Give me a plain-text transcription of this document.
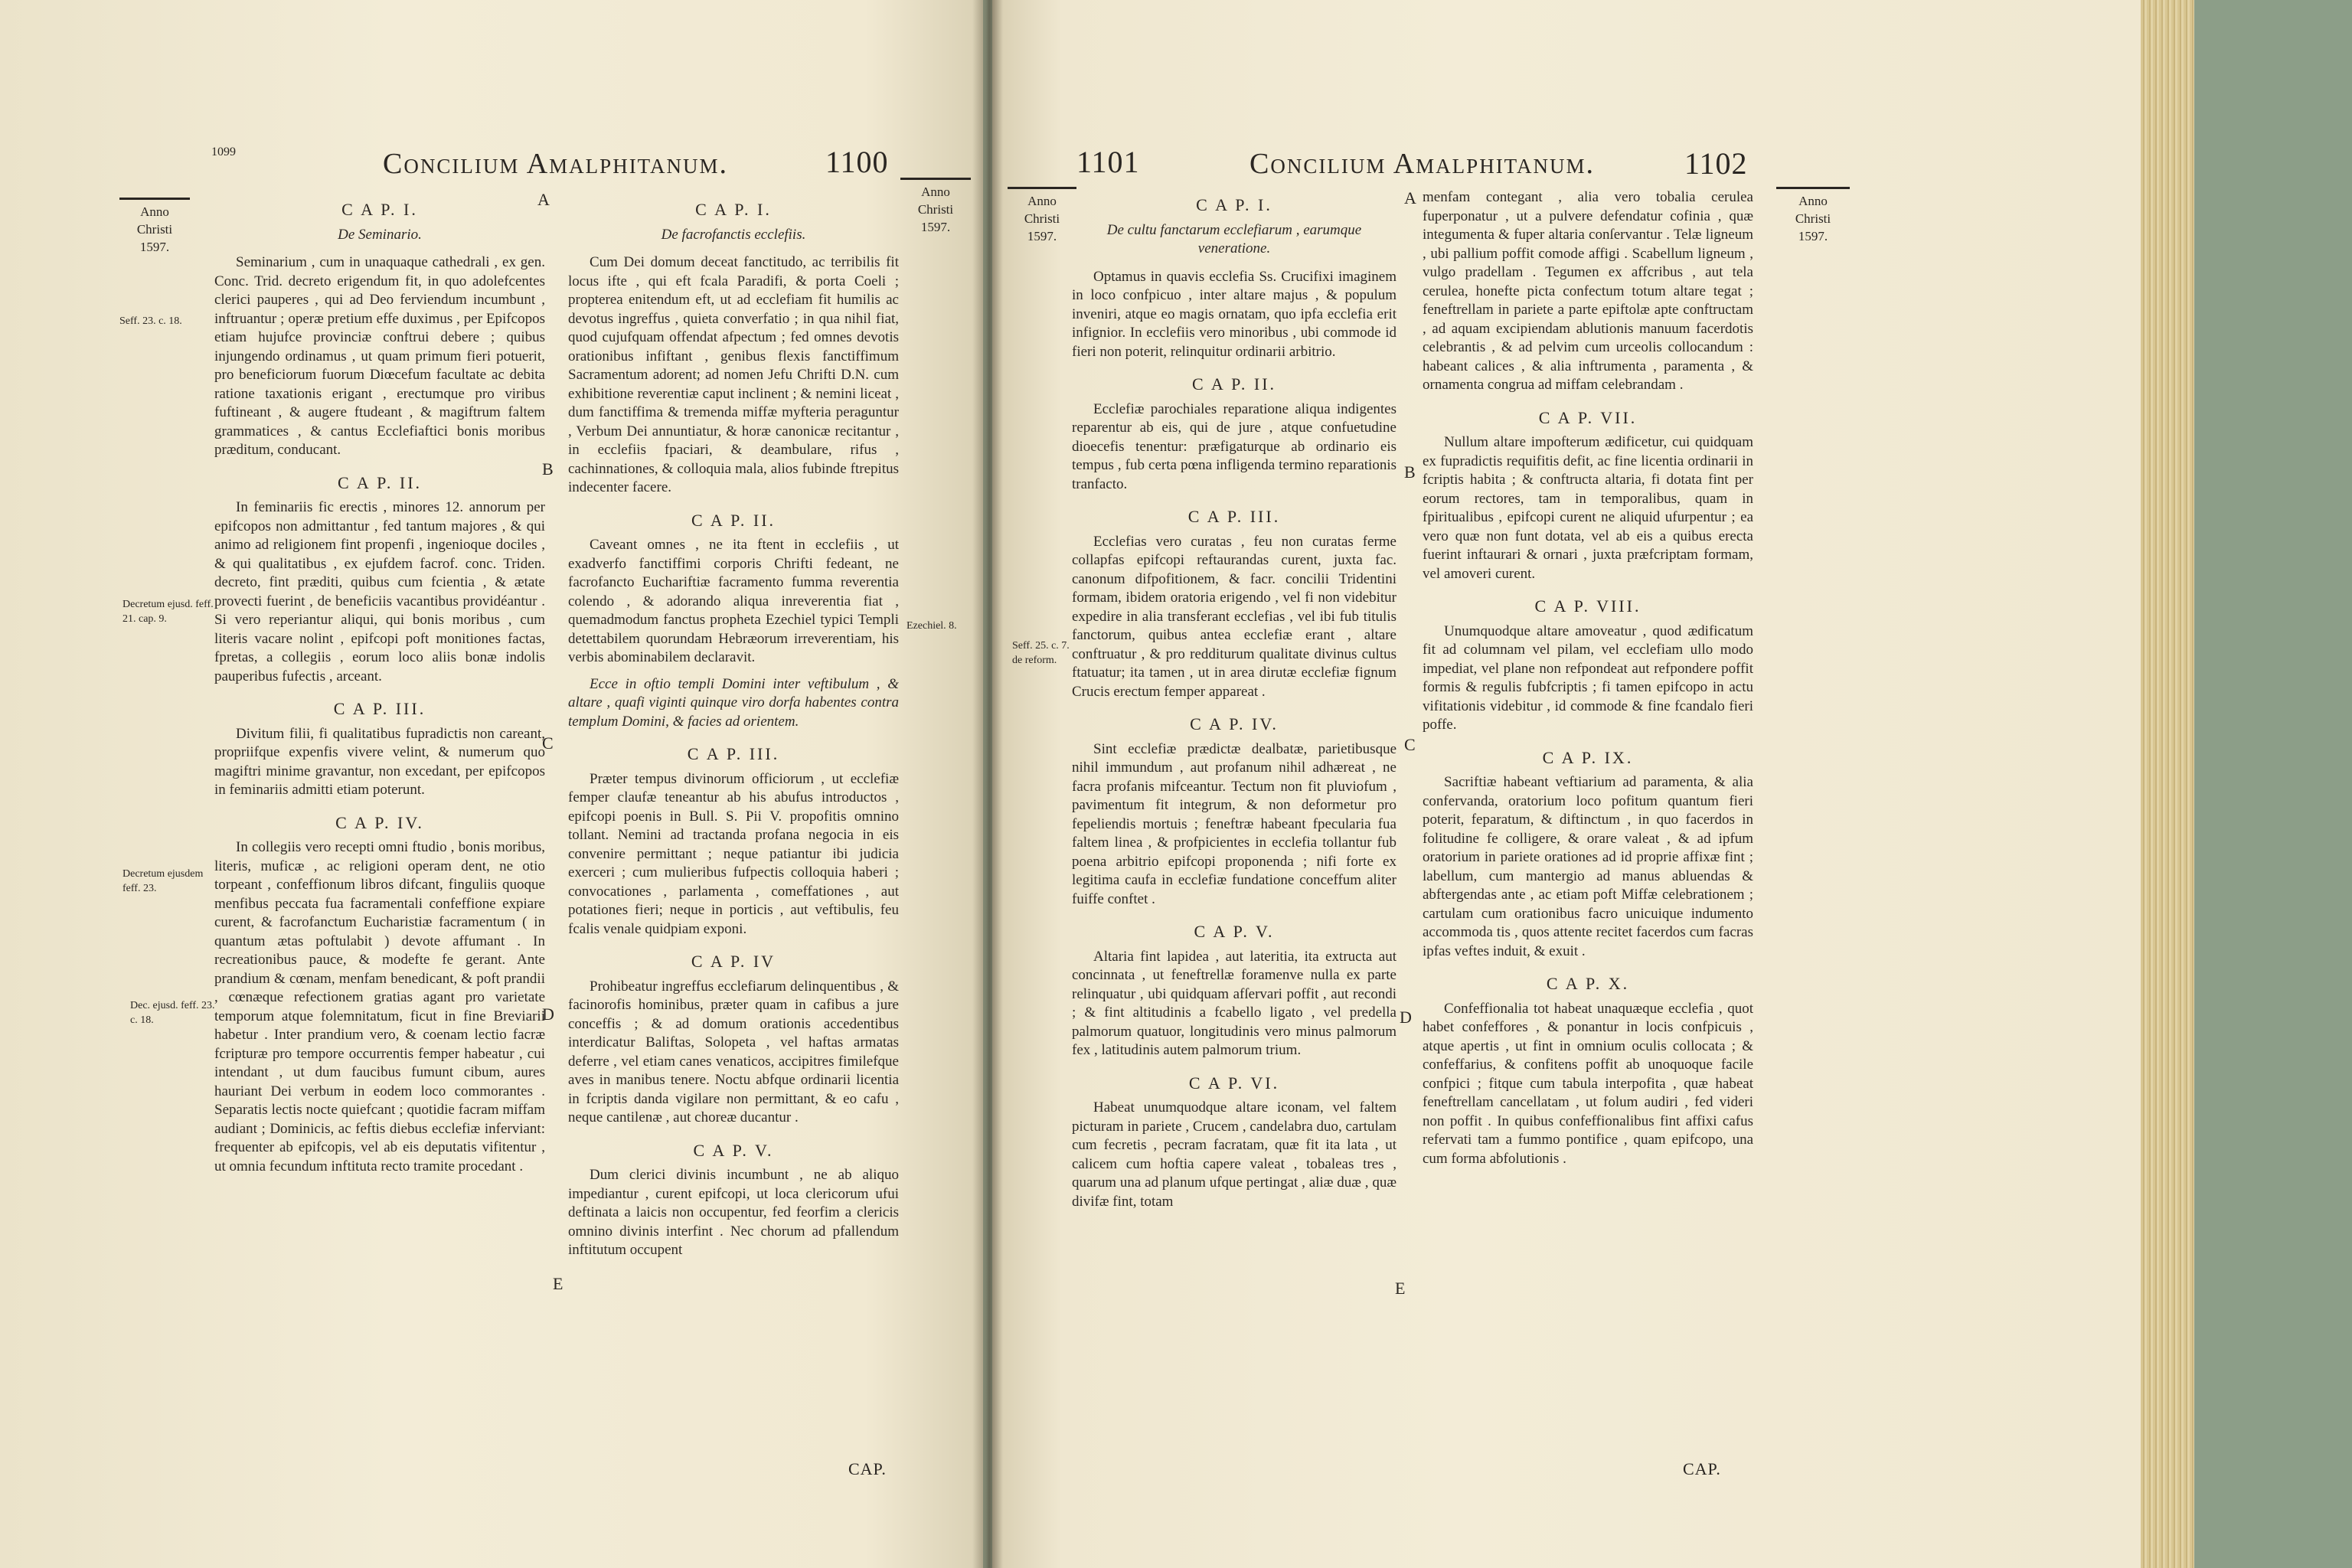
1099	Concilium Amalphitanum.	1100
Anno
Christi
1597.
Anno
Christi
1597.
Seff. 23. c. 18.
Decretum ejusd. feff. 21. cap. 9.
Decretum ejusdem feff. 23.
Dec. ejusd. feff. 23. c. 18.
Ezechiel. 8.
A
B
C
D
E
C A P. I.
De Seminario.

Seminarium , cum in unaquaque cathedrali , ex gen. Conc. Trid. decreto erigendum fit, in quo adolefcentes clerici pauperes , qui ad Deo ferviendum incumbunt , inftruantur ; operæ pretium effe duximus , per Epifcopos etiam hujufce provinciæ conftrui debere ; quibus injungendo ordinamus , ut quam primum fieri potuerit, pro beneficiorum fuorum Diœcefum facultate ac debita ratione taxationis erigant , erectumque pro viribus fuftineant , & augere ftudeant , & magiftrum faltem grammatices , & cantus Ecclefiaftici bonis moribus præditum, conducant.

C A P. II.

In feminariis fic erectis , minores 12. annorum per epifcopos non admittantur , fed tantum majores , & qui animo ad religionem fint propenfi , ingenioque dociles , & qui qualitatibus , ex ejufdem facrof. conc. Triden. decreto, fint præditi, quibus cum fcientia , & ætate provecti fuerint , de beneficiis vacantibus providéantur . Si vero reperiantur aliqui, qui bonis moribus , cum literis vacare nolint , epifcopi poft monitiones factas, fpretas, a collegiis , eorum loco aliis bonæ indolis pauperibus fufectis , arceant.

C A P. III.

Divitum filii, fi qualitatibus fupradictis non careant, propriifque expenfis vivere velint, & numerum quo magiftri minime gravantur, non excedant, per epifcopos in feminariis admitti etiam poterunt.

C A P. IV.

In collegiis vero recepti omni ftudio , bonis moribus, literis, muficæ , ac religioni operam dent, ne otio torpeant , confeffionum libros difcant, finguliis quoque menfibus peccata fua facramentali confeffione expiare curent, & facrofanctum Eucharistiæ facramentum ( in quantum ætas poftulabit ) devote affumant . In recreationibus pauce, & modefte fe gerant. Ante prandium & cœnam, menfam benedicant, & poft prandii , cœnæque refectionem gratias agant pro varietate temporum atque folemnitatum, ficut in fine Breviarii habetur . Inter prandium vero, & coenam lectio facræ fcripturæ pro tempore occurrentis femper habeatur , cui intendant , ut dum faucibus fumunt cibum, aures hauriant Dei verbum in eodem loco commorantes . Separatis lectis nocte quiefcant ; quotidie facram miffam audiant ; Dominicis, ac feftis diebus ecclefiæ inferviant: frequenter ab epifcopis, vel ab eis deputatis vifitentur , ut omnia fecundum inftituta recto tramite procedant .

C A P. I.
De facrofanctis ecclefiis.

Cum Dei domum deceat fanctitudo, ac terribilis fit locus ifte , qui eft fcala Paradifi, & porta Coeli ; propterea enitendum eft, ut ad ecclefiam fit humilis ac devotus ingreffus , quieta converfatio ; in qua nihil fiat, quod cujufquam offendat afpectum ; fed omnes devotis orationibus infiftant , genibus flexis fanctiffimum Sacramentum adorent; ad nomen Jefu Chrifti D.N. cum exhibitione reverentiæ caput inclinent ; & nemini liceat , dum fanctiffima & tremenda miffæ myfteria peraguntur , Verbum Dei annuntiatur, & horæ canonicæ recitantur , in ecclefiis fpaciari, & deambulare, rifus , cachinnationes, & colloquia mala, alios fubinde ftrepitus indecenter facere.

C A P. II.

Caveant omnes , ne ita ftent in ecclefiis , ut exadverfo fanctiffimi corporis Chrifti fedeant, ne facrofancto Euchariftiæ facramento fumma reverentia colendo , & adorando aliqua inreverentia fiat , quemadmodum fanctus propheta Ezechiel typici Templi detettabilem quorundam Hebræorum irreverentiam, his verbis abominabilem declaravit.

Ecce in oftio templi Domini inter veftibulum , & altare , quafi viginti quinque viro dorfa habentes contra templum Domini, & facies ad orientem.

C A P. III.

Præter tempus divinorum officiorum , ut ecclefiæ femper claufæ teneantur ab his abufus introductos , epifcopi poenis in Bull. S. Pii V. propofitis omnino tollant. Nemini ad tractanda profana negocia in eis convenire permittant ; neque patiantur ibi judicia exerceri ; cum mulieribus fufpectis colloquia haberi ; convocationes , parlamenta , comeffationes , aut potationes fieri; neque in porticis , aut veftibulis, feu fcalis venale quidpiam exponi.

C A P. IV

Prohibeatur ingreffus ecclefiarum delinquentibus , & facinorofis hominibus, præter quam in cafibus a jure conceffis ; & ad domum orationis accedentibus interdicatur Baliftas, Solopeta , vel haftas armatas deferre , vel etiam canes venaticos, accipitres fimilefque aves in manibus tenere. Noctu abfque ordinarii licentia in fcriptis danda vigilare non permittant, & eo cafu , neque cantilenæ , aut choreæ ducantur .

C A P. V.

Dum clerici divinis incumbunt , ne ab aliquo impediantur , curent epifcopi, ut loca clericorum ufui deftinata a laicis non occupentur, fed feorfim a clericis omnino divinis interfint . Nec chorum ad pfallendum inftitutum occupent

CAP.
1101	Concilium Amalphitanum.	1102
Anno
Christi
1597.
Anno
Christi
1597.
Seff. 25. c. 7. de reform.
A
B
C
D
E
C A P. I.
De cultu fanctarum ecclefiarum , earumque veneratione.

Optamus in quavis ecclefia Ss. Crucifixi imaginem in loco confpicuo , inter altare majus , & populum inveniri, atque eo magis ornatam, quo ipfa ecclefia erit infignior. In ecclefiis vero minoribus , ubi commode id fieri non poterit, relinquitur ordinarii arbitrio.

C A P. II.

Ecclefiæ parochiales reparatione aliqua indigentes reparentur ab eis, qui de jure , atque confuetudine dioecefis tenentur: præfigaturque ab ordinario eis tempus , fub certa pœna infligenda termino reparationis tranfacto.

C A P. III.

Ecclefias vero curatas , feu non curatas ferme collapfas epifcopi reftaurandas curent, juxta fac. canonum difpofitionem, & facr. concilii Tridentini formam, ibidem oratoria erigendo , vel fi non videbitur expedire in alia transferant ecclefias , vel ibi fub titulis fanctorum, quibus antea ecclefiæ erant , altare conftruatur , & pro redditurum qualitate divinus cultus ftatuatur; ita tamen , ut in area dirutæ ecclefiæ fignum Crucis erectum femper appareat .

C A P. IV.

Sint ecclefiæ prædictæ dealbatæ, parietibusque nihil immundum , aut profanum nihil adhæreat , ne facra profanis mifceantur. Tectum non fit pluviofum , pavimentum fit integrum, & non deformetur pro fepeliendis mortuis ; feneftræ habeant fpecularia fua faltem linea , & profpicientes in ecclefia tollantur fub poena arbitrio epifcopi proponenda ; nifi forte ex legitima caufa in ecclefiæ fundatione conceffum aliter fuiffe conftet .

C A P. V.

Altaria fint lapidea , aut lateritia, ita extructa aut concinnata , ut feneftrellæ foramenve nulla ex parte relinquatur , ubi quidquam afſervari poffit , aut recondi ; & fint altitudinis a fcabello ligato , vel predella palmorum quatuor, longitudinis vero minus palmorum fex , latitudinis autem palmorum trium.

C A P. VI.

Habeat unumquodque altare iconam, vel faltem picturam in pariete , Crucem , candelabra duo, cartulam cum fecretis , pecram facratam, quæ fit ita lata , ut calicem cum hoftia capere valeat , tobaleas tres , quarum una ad planum ufque pertingat , aliæ duæ , quæ divifæ fint, totam

menfam contegant , alia vero tobalia cerulea fuperponatur , ut a pulvere defendatur cofinia , quæ integumenta & fuper altaria conſervantur . Telæ ligneum , ubi pallium poffit comode affigi . Scabellum ligneum , vulgo pradellam . Tegumen ex affcribus , aut tela cerulea, honefte picta confectum totum altare tegat ; feneftrellam in pariete a parte epiftolæ apte conftructam , ad aquam excipiendam ablutionis manuum facerdotis celebrantis , & ad pelvim cum urceolis collocandum : habeant calices , & alia inftrumenta , paramenta , & ornamenta congrua ad miffam celebrandam .

C A P. VII.

Nullum altare impofterum ædificetur, cui quidquam ex fupradictis requifitis defit, ac fine licentia ordinarii in fcriptis habita ; & conftructa altaria, fi dotata fint per eorum rectores, tam in temporalibus, quam in fpiritualibus , epifcopi curent ne aliquid ufurpentur ; ea vero quæ non funt dotata, vel ab eis a quibus erecta fuerint inftaurari & ornari , juxta præfcriptam formam, vel amoveri curent.

C A P. VIII.

Unumquodque altare amoveatur , quod ædificatum fit ad columnam vel pilam, vel ecclefiam ullo modo impediat, vel plane non refpondeat aut refpondere poffit formis & regulis fubfcriptis ; fi tamen epifcopo in actu vifitationis videbitur , id commode & fine fcandalo fieri poffe.

C A P. IX.

Sacriftiæ habeant veftiarium ad paramenta, & alia confervanda, oratorium loco pofitum quantum fieri poterit, feparatum, & diftinctum , in quo facerdos in folitudine fe colligere, & orare valeat , & ad ipfum oratorium in pariete orationes ad id proprie affixæ fint ; labellum, cum mantergio ad manus abluendas & abftergendas ante , ac etiam poft Miffæ celebrationem ; cartulam cum orationibus facro unicuique indumento accommoda tis , quos attente recitet facerdos cum facras ipfas veftes induit, & exuit .

C A P. X.

Confeffionalia tot habeat unaquæque ecclefia , quot habet confeffores , & ponantur in locis confpicuis , atque apertis , ut fint in omnium oculis collocata ; & confeffarius, & confitens poffit ab unoquoque facile confpici ; fitque cum tabula interpofita , quæ habeat feneftrellam cancellatam , ut folum audiri , fed videri non poffit . In quibus confeffionalibus fint affixi cafus refervati tam a fummo pontifice , quam epifcopo, una cum forma abfolutionis .

CAP.
